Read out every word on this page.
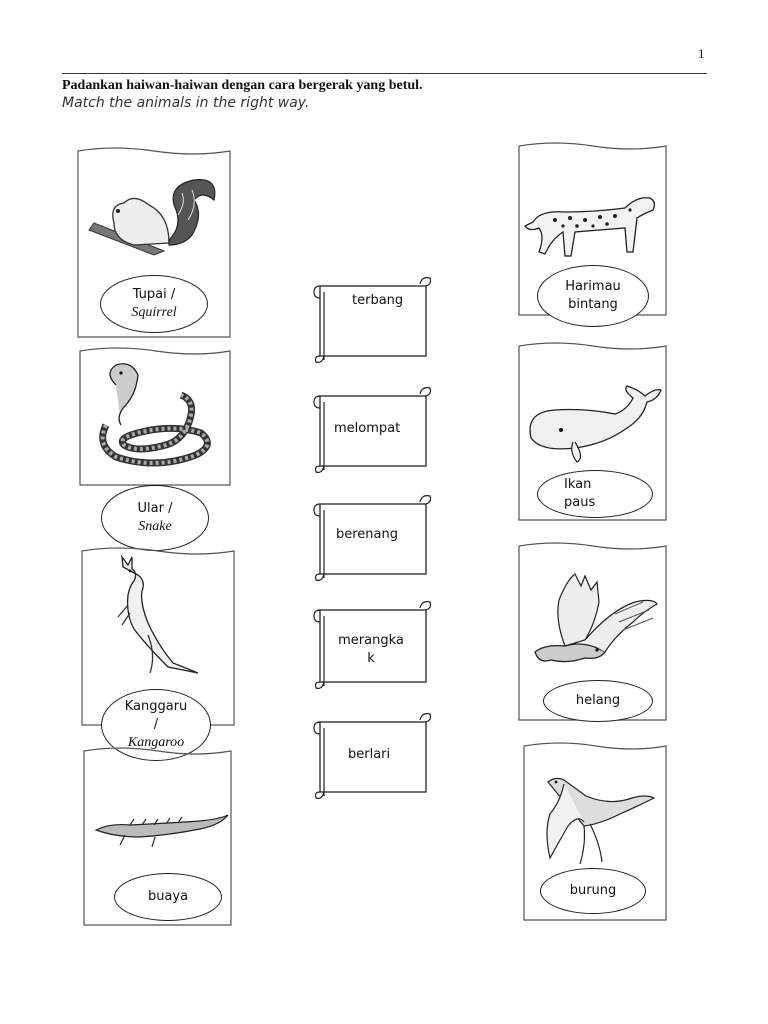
1
Padankan haiwan-haiwan dengan cara bergerak yang betul.
Match the animals in the right way.
Tupai /
Squirrel
Ular /
Snake
Kanggaru
/
Kangaroo
buaya
terbang
melompat
berenang
merangka
k
berlari
Harimau
bintang
Ikan
paus
helang
burung
